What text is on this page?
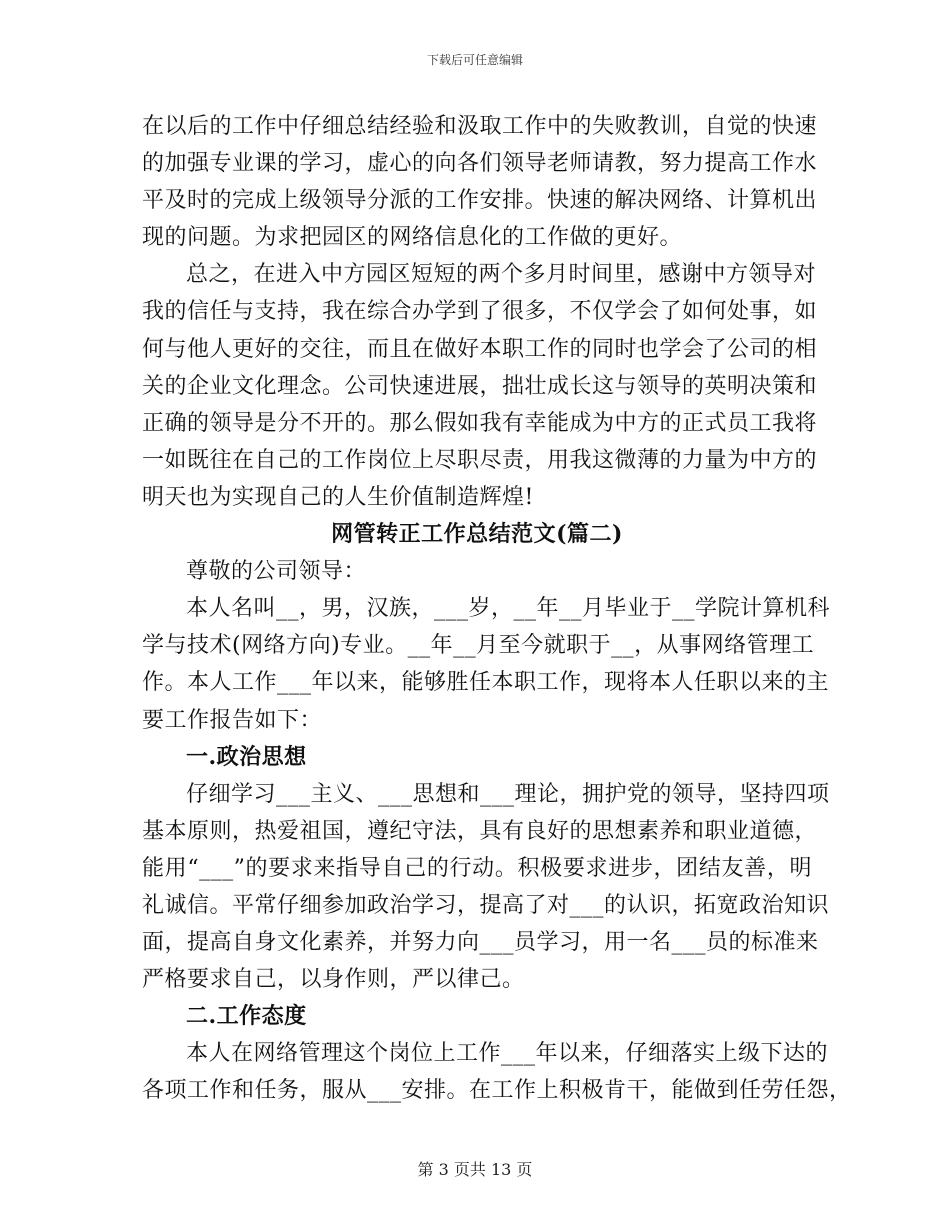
下载后可任意编辑
在以后的工作中仔细总结经验和汲取工作中的失败教训，自觉的快速
的加强专业课的学习，虚心的向各们领导老师请教，努力提高工作水
平及时的完成上级领导分派的工作安排。快速的解决网络、计算机出
现的问题。为求把园区的网络信息化的工作做的更好。
总之，在进入中方园区短短的两个多月时间里，感谢中方领导对
我的信任与支持，我在综合办学到了很多，不仅学会了如何处事，如
何与他人更好的交往，而且在做好本职工作的同时也学会了公司的相
关的企业文化理念。公司快速进展，拙壮成长这与领导的英明决策和
正确的领导是分不开的。那么假如我有幸能成为中方的正式员工我将
一如既往在自己的工作岗位上尽职尽责，用我这微薄的力量为中方的
明天也为实现自己的人生价值制造辉煌!
网管转正工作总结范文(篇二)
尊敬的公司领导：
本人名叫__，男，汉族，___岁，__年__月毕业于__学院计算机科
学与技术(网络方向)专业。__年__月至今就职于__，从事网络管理工
作。本人工作___年以来，能够胜任本职工作，现将本人任职以来的主
要工作报告如下：
一.政治思想
仔细学习___主义、___思想和___理论，拥护党的领导，坚持四项
基本原则，热爱祖国，遵纪守法，具有良好的思想素养和职业道德，
能用“___”的要求来指导自己的行动。积极要求进步，团结友善，明
礼诚信。平常仔细参加政治学习，提高了对___的认识，拓宽政治知识
面，提高自身文化素养，并努力向___员学习，用一名___员的标准来
严格要求自己，以身作则，严以律己。
二.工作态度
本人在网络管理这个岗位上工作___年以来，仔细落实上级下达的
各项工作和任务，服从___安排。在工作上积极肯干，能做到任劳任怨，
第 3 页共 13 页
